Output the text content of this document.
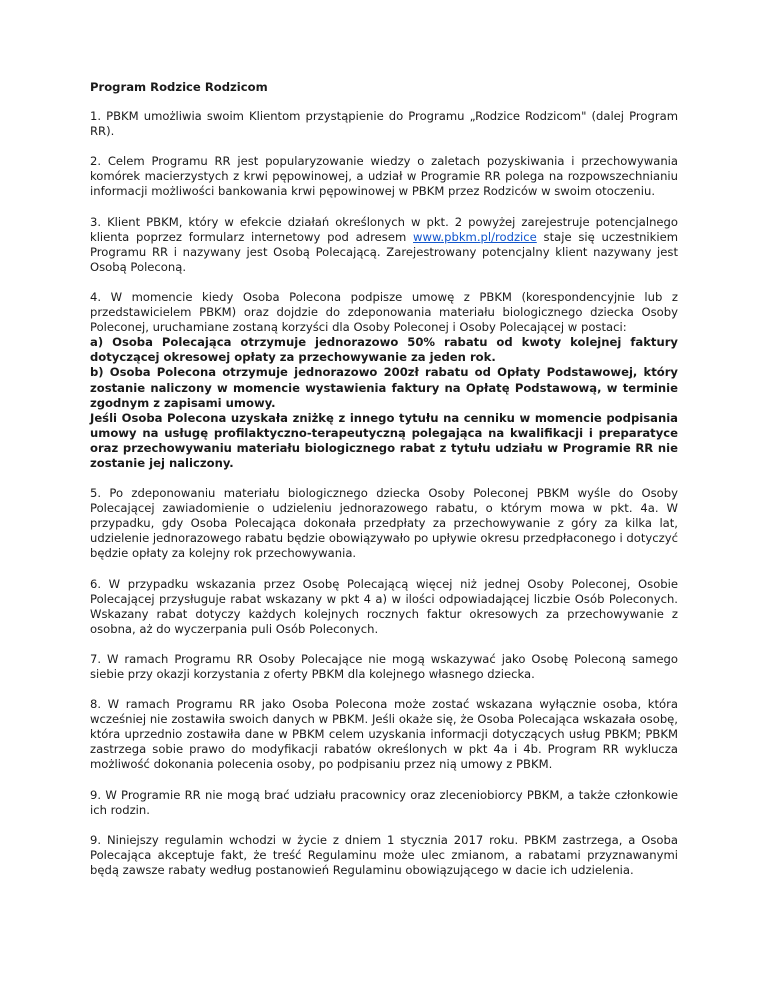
Program Rodzice Rodzicom

1. PBKM umożliwia swoim Klientom przystąpienie do Programu „Rodzice Rodzicom" (dalej Program RR).

2. Celem Programu RR jest popularyzowanie wiedzy o zaletach pozyskiwania i przechowywania komórek macierzystych z krwi pępowinowej, a udział w Programie RR polega na rozpowszechnianiu informacji możliwości bankowania krwi pępowinowej w PBKM przez Rodziców w swoim otoczeniu.

3. Klient PBKM, który w efekcie działań określonych w pkt. 2 powyżej zarejestruje potencjalnego klienta poprzez formularz internetowy pod adresem www.pbkm.pl/rodzice staje się uczestnikiem Programu RR i nazywany jest Osobą Polecającą. Zarejestrowany potencjalny klient nazywany jest Osobą Poleconą.

4. W momencie kiedy Osoba Polecona podpisze umowę z PBKM (korespondencyjnie lub z przedstawicielem PBKM) oraz dojdzie do zdeponowania materiału biologicznego dziecka Osoby Poleconej, uruchamiane zostaną korzyści dla Osoby Poleconej i Osoby Polecającej w postaci:
a) Osoba Polecająca otrzymuje jednorazowo 50% rabatu od kwoty kolejnej faktury dotyczącej okresowej opłaty za przechowywanie za jeden rok.
b) Osoba Polecona otrzymuje jednorazowo 200zł rabatu od Opłaty Podstawowej, który zostanie naliczony w momencie wystawienia faktury na Opłatę Podstawową, w terminie zgodnym z zapisami umowy.
Jeśli Osoba Polecona uzyskała zniżkę z innego tytułu na cenniku w momencie podpisania umowy na usługę profilaktyczno-terapeutyczną polegająca na kwalifikacji i preparatyce oraz przechowywaniu materiału biologicznego rabat z tytułu udziału w Programie RR nie zostanie jej naliczony.

5. Po zdeponowaniu materiału biologicznego dziecka Osoby Poleconej PBKM wyśle do Osoby Polecającej zawiadomienie o udzieleniu jednorazowego rabatu, o którym mowa w pkt. 4a. W przypadku, gdy Osoba Polecająca dokonała przedpłaty za przechowywanie z góry za kilka lat, udzielenie jednorazowego rabatu będzie obowiązywało po upływie okresu przedpłaconego i dotyczyć będzie opłaty za kolejny rok przechowywania.

6. W przypadku wskazania przez Osobę Polecającą więcej niż jednej Osoby Poleconej, Osobie Polecającej przysługuje rabat wskazany w pkt 4 a) w ilości odpowiadającej liczbie Osób Poleconych. Wskazany rabat dotyczy każdych kolejnych rocznych faktur okresowych za przechowywanie z osobna, aż do wyczerpania puli Osób Poleconych.

7. W ramach Programu RR Osoby Polecające nie mogą wskazywać jako Osobę Poleconą samego siebie przy okazji korzystania z oferty PBKM dla kolejnego własnego dziecka.

8. W ramach Programu RR jako Osoba Polecona może zostać wskazana wyłącznie osoba, która wcześniej nie zostawiła swoich danych w PBKM. Jeśli okaże się, że Osoba Polecająca wskazała osobę, która uprzednio zostawiła dane w PBKM celem uzyskania informacji dotyczących usług PBKM; PBKM zastrzega sobie prawo do modyfikacji rabatów określonych w pkt 4a i 4b. Program RR wyklucza możliwość dokonania polecenia osoby, po podpisaniu przez nią umowy z PBKM.

9. W Programie RR nie mogą brać udziału pracownicy oraz zleceniobiorcy PBKM, a także członkowie ich rodzin.

9. Niniejszy regulamin wchodzi w życie z dniem 1 stycznia 2017 roku. PBKM zastrzega, a Osoba Polecająca akceptuje fakt, że treść Regulaminu może ulec zmianom, a rabatami przyznawanymi będą zawsze rabaty według postanowień Regulaminu obowiązującego w dacie ich udzielenia.
